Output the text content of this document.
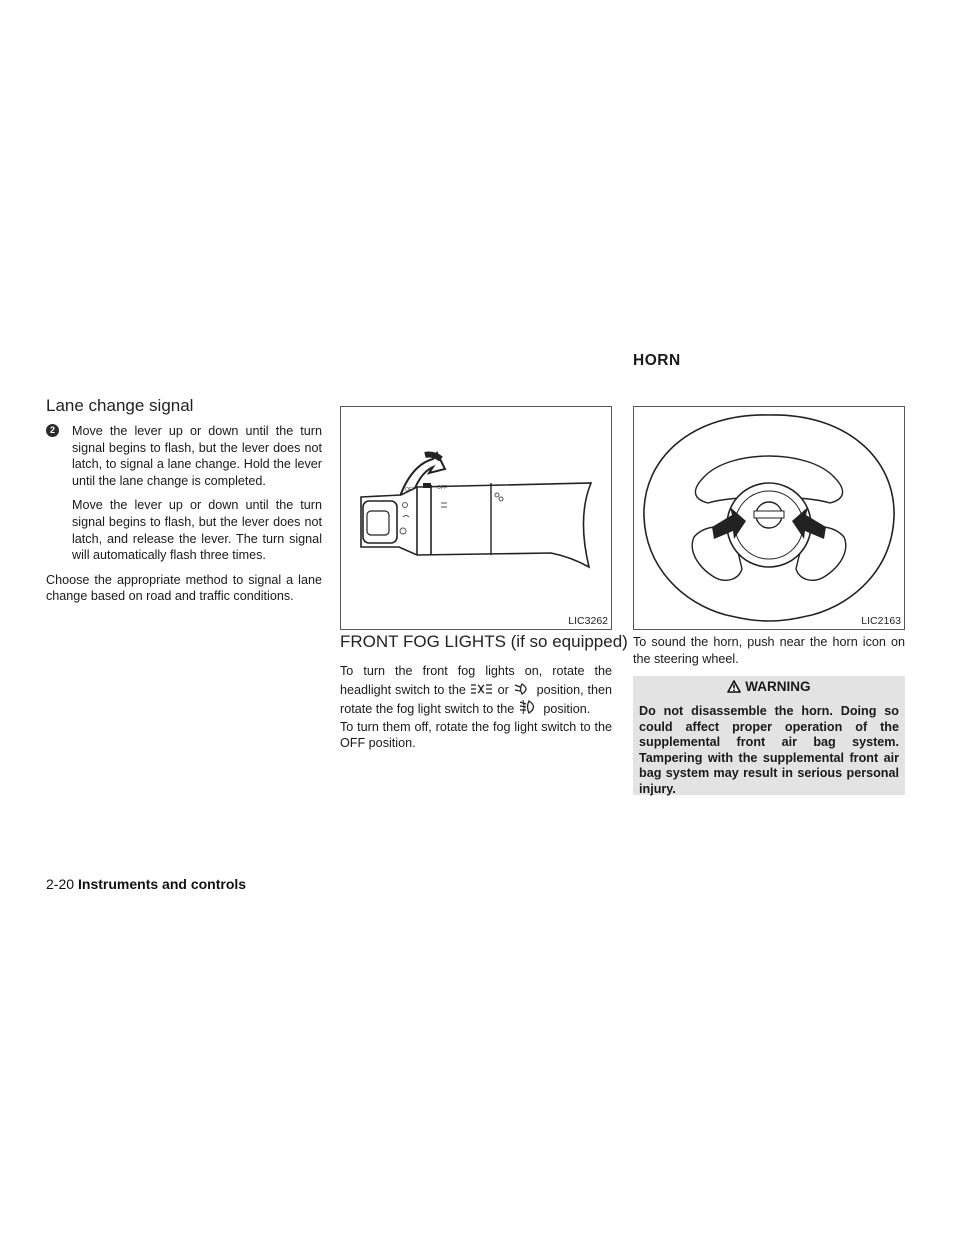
HORN
Lane change signal
2	Move the lever up or down until the turn signal begins to flash, but the lever does not latch, to signal a lane change. Hold the lever until the lane change is completed.

Move the lever up or down until the turn signal begins to flash, but the lever does not latch, and release the lever. The turn signal will automatically flash three times.

Choose the appropriate method to signal a lane change based on road and traffic conditions.

OFF	OFF
LIC3262
FRONT FOG LIGHTS (if so equipped)

To turn the front fog lights on, rotate the headlight switch to the	or position, then rotate the fog light switch to the position.

To turn them off, rotate the fog light switch to the OFF position.

LIC2163

To sound the horn, push near the horn icon on the steering wheel.

WARNING

Do not disassemble the horn. Doing so could affect proper operation of the supplemental front air bag system. Tampering with the supplemental front air bag system may result in serious personal injury.

2-20 Instruments and controls
